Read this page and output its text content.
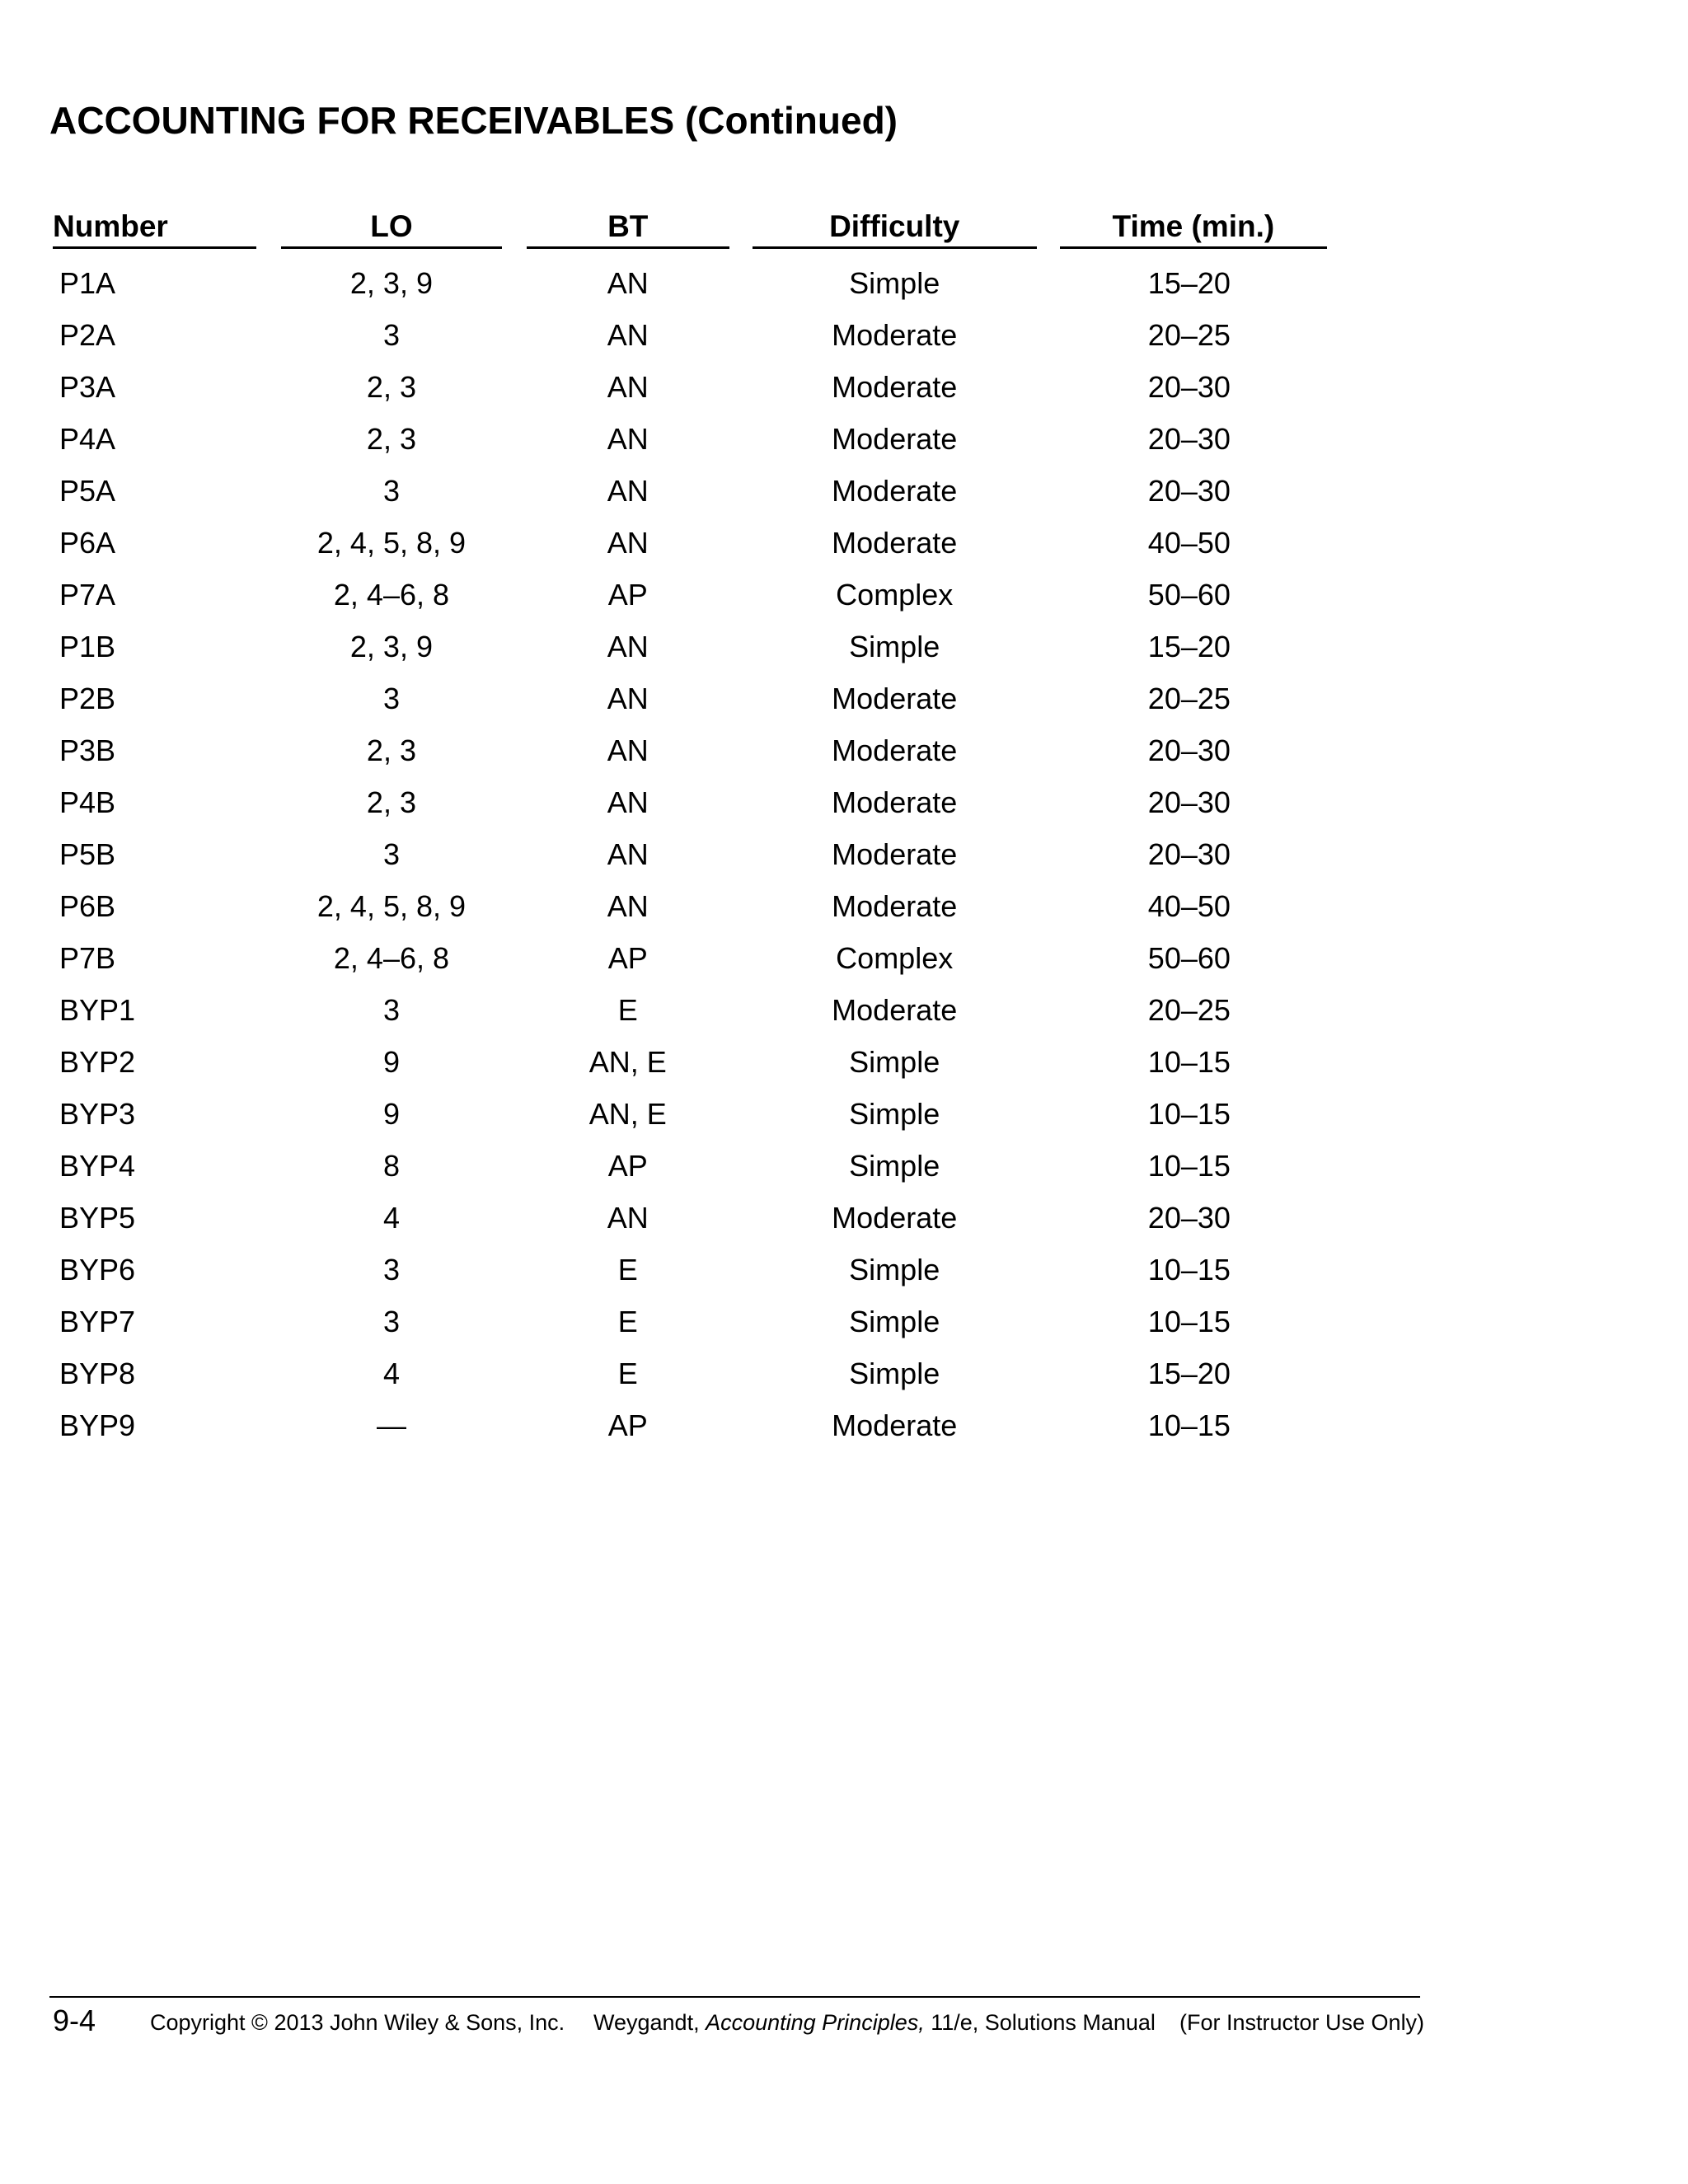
ACCOUNTING FOR RECEIVABLES (Continued)
Number	LO	BT	Difficulty	Time (min.)

P1A	2, 3, 9	AN	Simple	15–20
P2A	3	AN	Moderate	20–25
P3A	2, 3	AN	Moderate	20–30
P4A	2, 3	AN	Moderate	20–30
P5A	3	AN	Moderate	20–30
P6A	2, 4, 5, 8, 9	AN	Moderate	40–50
P7A	2, 4–6, 8	AP	Complex	50–60
P1B	2, 3, 9	AN	Simple	15–20
P2B	3	AN	Moderate	20–25
P3B	2, 3	AN	Moderate	20–30
P4B	2, 3	AN	Moderate	20–30
P5B	3	AN	Moderate	20–30
P6B	2, 4, 5, 8, 9	AN	Moderate	40–50
P7B	2, 4–6, 8	AP	Complex	50–60
BYP1	3	E	Moderate	20–25
BYP2	9	AN, E	Simple	10–15
BYP3	9	AN, E	Simple	10–15
BYP4	8	AP	Simple	10–15
BYP5	4	AN	Moderate	20–30
BYP6	3	E	Simple	10–15
BYP7	3	E	Simple	10–15
BYP8	4	E	Simple	15–20
BYP9	—	AP	Moderate	10–15
9-4 Copyright © 2013 John Wiley & Sons, Inc. Weygandt, Accounting Principles, 11/e, Solutions Manual (For Instructor Use Only)
